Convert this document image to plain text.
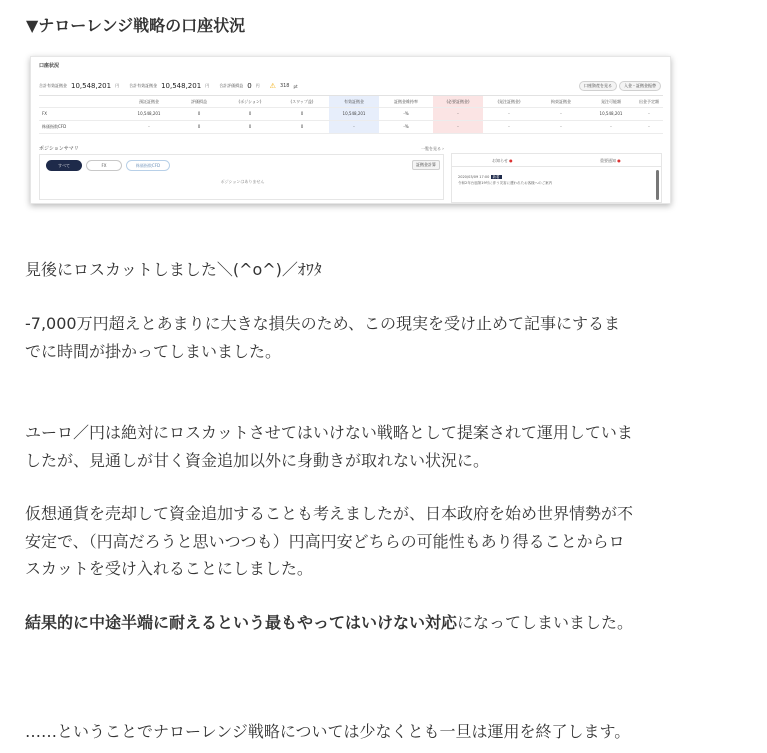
▼ナローレンジ戦略の口座状況
口座状況
合計有効証拠金 10,548,201 円	合計有効証拠金 10,548,201 円	合計評価損益 0 円 ⚠ 318 pt	口座資産を見る	入金・証拠金振替
預託証拠金	評価損益	(ポジション)	(スワップ益)	有効証拠金	証拠金維持率	(必要証拠金)	(発注証拠金)	拘束証拠金	発注可能額	出金予定額
FX	10,548,201	0	0	0	10,548,201	-%	-	-	-	10,548,201	-
株価指数CFD	-	0	0	0	-	-%	-	-	-	-	-
ポジションサマリ	一覧を見る ›
すべて	FX	株価指数CFD	証拠金計算
ポジションはありません
お知らせ ●	重要通知 ●
2020/03/09 17:00 新着
令和2年台風第19号に伴う災害に遭われたお客様へのご案内
見後にロスカットしました＼(^o^)／ｵﾜﾀ
-7,000万円超えとあまりに大きな損失のため、この現実を受け止めて記事にするま
でに時間が掛かってしまいました。
ユーロ／円は絶対にロスカットさせてはいけない戦略として提案されて運用していま
したが、見通しが甘く資金追加以外に身動きが取れない状況に。
仮想通貨を売却して資金追加することも考えましたが、日本政府を始め世界情勢が不
安定で、（円高だろうと思いつつも）円高円安どちらの可能性もあり得ることからロ
スカットを受け入れることにしました。
結果的に中途半端に耐えるという最もやってはいけない対応になってしまいました。
……ということでナローレンジ戦略については少なくとも一旦は運用を終了します。
